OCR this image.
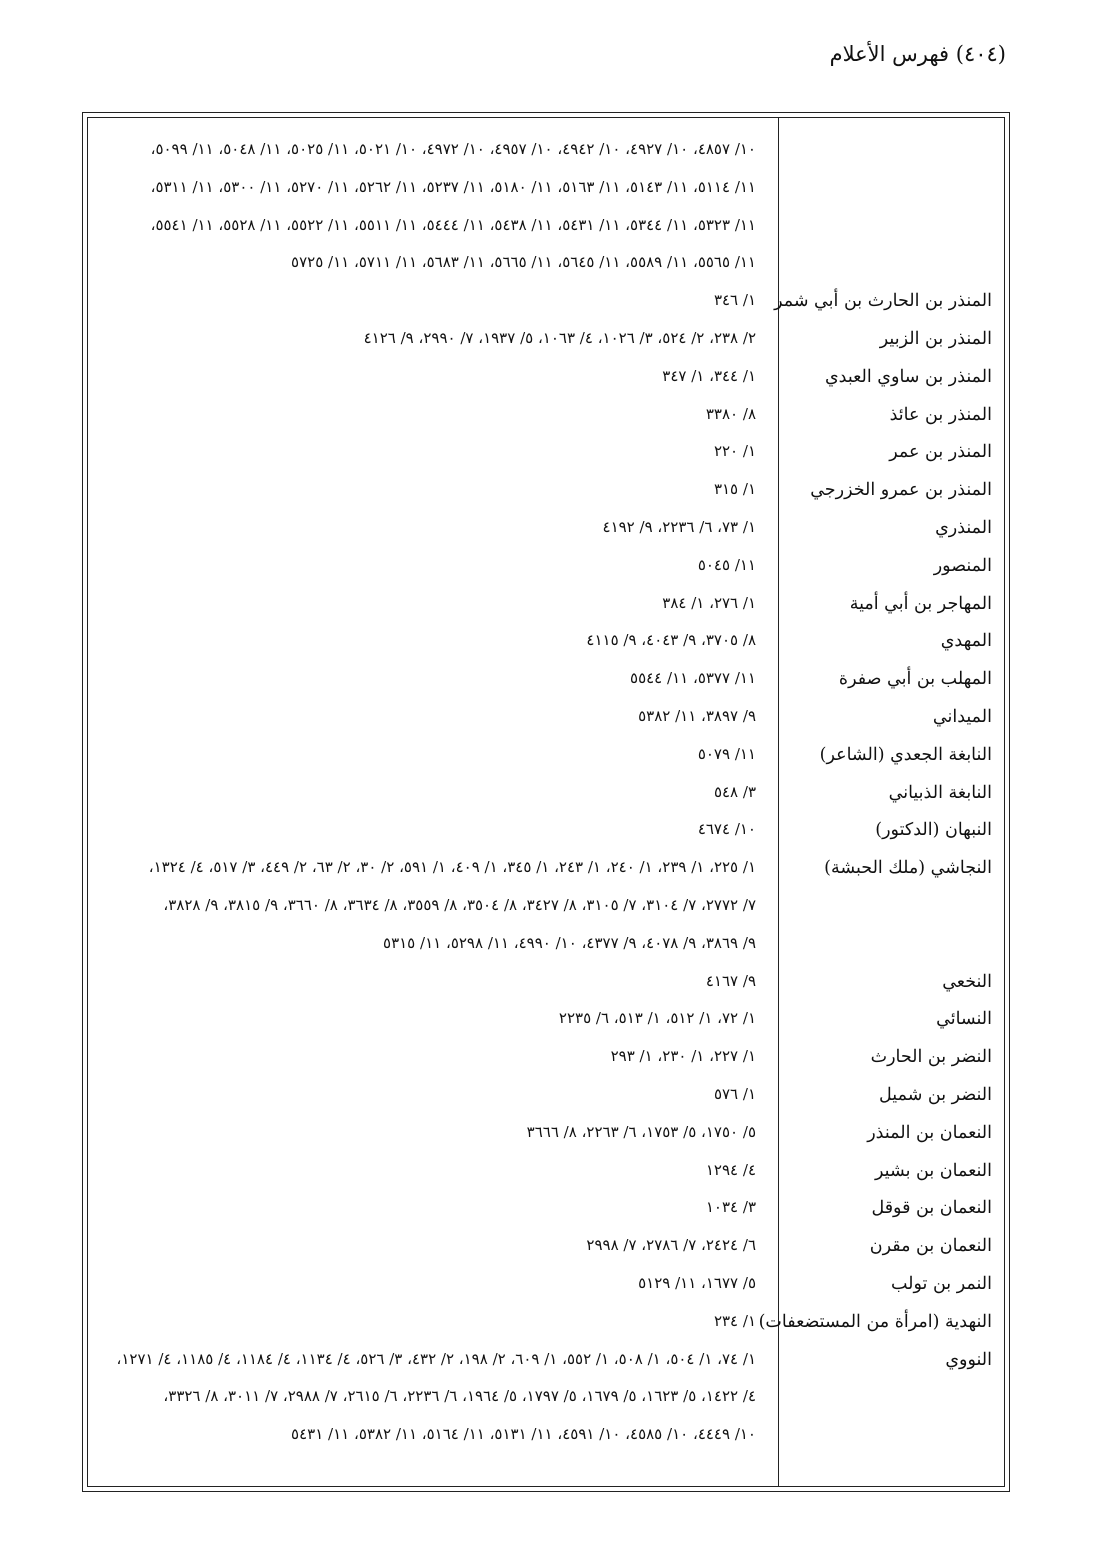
(٤٠٤) فهرس الأعلام
١٠/ ٤٨٥٧، ١٠/ ٤٩٢٧، ١٠/ ٤٩٤٢، ١٠/ ٤٩٥٧، ١٠/ ٤٩٧٢، ١٠/ ٥٠٢١، ١١/ ٥٠٢٥، ١١/ ٥٠٤٨، ١١/ ٥٠٩٩،
١١/ ٥١١٤، ١١/ ٥١٤٣، ١١/ ٥١٦٣، ١١/ ٥١٨٠، ١١/ ٥٢٣٧، ١١/ ٥٢٦٢، ١١/ ٥٢٧٠، ١١/ ٥٣٠٠، ١١/ ٥٣١١،
١١/ ٥٣٢٣، ١١/ ٥٣٤٤، ١١/ ٥٤٣١، ١١/ ٥٤٣٨، ١١/ ٥٤٤٤، ١١/ ٥٥١١، ١١/ ٥٥٢٢، ١١/ ٥٥٢٨، ١١/ ٥٥٤١،
١١/ ٥٥٦٥، ١١/ ٥٥٨٩، ١١/ ٥٦٤٥، ١١/ ٥٦٦٥، ١١/ ٥٦٨٣، ١١/ ٥٧١١، ١١/ ٥٧٢٥
المنذر بن الحارث بن أبي شمر
١/ ٣٤٦
المنذر بن الزبير
٢/ ٢٣٨، ٢/ ٥٢٤، ٣/ ١٠٢٦، ٤/ ١٠٦٣، ٥/ ١٩٣٧، ٧/ ٢٩٩٠، ٩/ ٤١٢٦
المنذر بن ساوي العبدي
١/ ٣٤٤، ١/ ٣٤٧
المنذر بن عائذ
٨/ ٣٣٨٠
المنذر بن عمر
١/ ٢٢٠
المنذر بن عمرو الخزرجي
١/ ٣١٥
المنذري
١/ ٧٣، ٦/ ٢٢٣٦، ٩/ ٤١٩٢
المنصور
١١/ ٥٠٤٥
المهاجر بن أبي أمية
١/ ٢٧٦، ١/ ٣٨٤
المهدي
٨/ ٣٧٠٥، ٩/ ٤٠٤٣، ٩/ ٤١١٥
المهلب بن أبي صفرة
١١/ ٥٣٧٧، ١١/ ٥٥٤٤
الميداني
٩/ ٣٨٩٧، ١١/ ٥٣٨٢
النابغة الجعدي (الشاعر)
١١/ ٥٠٧٩
النابغة الذبياني
٣/ ٥٤٨
النبهان (الدكتور)
١٠/ ٤٦٧٤
النجاشي (ملك الحبشة)
١/ ٢٢٥، ١/ ٢٣٩، ١/ ٢٤٠، ١/ ٢٤٣، ١/ ٣٤٥، ١/ ٤٠٩، ١/ ٥٩١، ٢/ ٣٠، ٢/ ٦٣، ٢/ ٤٤٩، ٣/ ٥١٧، ٤/ ١٣٢٤،
٧/ ٢٧٧٢، ٧/ ٣١٠٤، ٧/ ٣١٠٥، ٨/ ٣٤٢٧، ٨/ ٣٥٠٤، ٨/ ٣٥٥٩، ٨/ ٣٦٣٤، ٨/ ٣٦٦٠، ٩/ ٣٨١٥، ٩/ ٣٨٢٨،
٩/ ٣٨٦٩، ٩/ ٤٠٧٨، ٩/ ٤٣٧٧، ١٠/ ٤٩٩٠، ١١/ ٥٢٩٨، ١١/ ٥٣١٥
النخعي
٩/ ٤١٦٧
النسائي
١/ ٧٢، ١/ ٥١٢، ١/ ٥١٣، ٦/ ٢٢٣٥
النضر بن الحارث
١/ ٢٢٧، ١/ ٢٣٠، ١/ ٢٩٣
النضر بن شميل
١/ ٥٧٦
النعمان بن المنذر
٥/ ١٧٥٠، ٥/ ١٧٥٣، ٦/ ٢٢٦٣، ٨/ ٣٦٦٦
النعمان بن بشير
٤/ ١٢٩٤
النعمان بن قوقل
٣/ ١٠٣٤
النعمان بن مقرن
٦/ ٢٤٢٤، ٧/ ٢٧٨٦، ٧/ ٢٩٩٨
النمر بن تولب
٥/ ١٦٧٧، ١١/ ٥١٢٩
النهدية (امرأة من المستضعفات)
١/ ٢٣٤
النووي
١/ ٧٤، ١/ ٥٠٤، ١/ ٥٠٨، ١/ ٥٥٢، ١/ ٦٠٩، ٢/ ١٩٨، ٢/ ٤٣٢، ٣/ ٥٢٦، ٤/ ١١٣٤، ٤/ ١١٨٤، ٤/ ١١٨٥، ٤/ ١٢٧١،
٤/ ١٤٢٢، ٥/ ١٦٢٣، ٥/ ١٦٧٩، ٥/ ١٧٩٧، ٥/ ١٩٦٤، ٦/ ٢٢٣٦، ٦/ ٢٦١٥، ٧/ ٢٩٨٨، ٧/ ٣٠١١، ٨/ ٣٣٢٦،
١٠/ ٤٤٤٩، ١٠/ ٤٥٨٥، ١٠/ ٤٥٩١، ١١/ ٥١٣١، ١١/ ٥١٦٤، ١١/ ٥٣٨٢، ١١/ ٥٤٣١
